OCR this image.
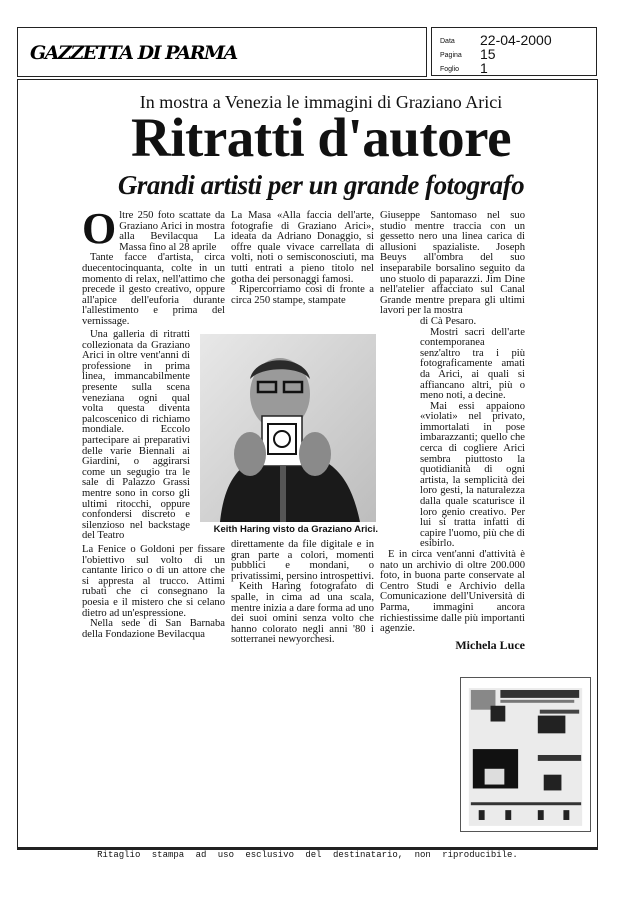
GAZZETTA DI PARMA
Data	22-04-2000
Pagina	15
Foglio	1
In mostra a Venezia le immagini di Graziano Arici
Ritratti d'autore
Grandi artisti per un grande fotografo

Oltre 250 foto scattate da Graziano Arici in mostra alla Bevilacqua La Massa fino al 28 aprile

Tante facce d'artista, circa duecentocinquanta, colte in un momento di relax, nell'attimo che precede il gesto creativo, oppure all'apice dell'euforia durante l'allestimento e prima del vernissage.

Una galleria di ritratti collezionata da Graziano Arici in oltre vent'anni di professione in prima linea, immancabilmente presente sulla scena veneziana ogni qual volta questa diventa palcoscenico di richiamo mondiale. Eccolo partecipare ai preparativi delle varie Biennali ai Giardini, o aggirarsi come un segugio tra le sale di Palazzo Grassi mentre sono in corso gli ultimi ritocchi, oppure confondersi discreto e silenzioso nel backstage del Teatro

La Fenice o Goldoni per fissare l'obiettivo sul volto di un cantante lirico o di un attore che si appresta al trucco. Attimi rubati che ci consegnano la poesia e il mistero che si celano dietro ad un'espressione.

Nella sede di San Barnaba della Fondazione Bevilacqua

La Masa «Alla faccia dell'arte, fotografie di Graziano Arici», ideata da Adriano Donaggio, si offre quale vivace carrellata di volti, noti o semisconosciuti, ma tutti entrati a pieno titolo nel gotha dei personaggi famosi.

Ripercorriamo così di fronte a circa 250 stampe, stampate

direttamente da file digitale e in gran parte a colori, momenti pubblici e mondani, o privatissimi, persino introspettivi.

Keith Haring fotografato di spalle, in cima ad una scala, mentre inizia a dare forma ad uno dei suoi omini senza volto che hanno colorato negli anni '80 i sotterranei newyorchesi.

Keith Haring visto da Graziano Arici.

Giuseppe Santomaso nel suo studio mentre traccia con un gessetto nero una linea carica di allusioni spazialiste. Joseph Beuys all'ombra del suo inseparabile borsalino seguito da uno stuolo di paparazzi. Jim Dine nell'atelier affacciato sul Canal Grande mentre prepara gli ultimi lavori per la mostra

di Cà Pesaro.

Mostri sacri dell'arte contemporanea senz'altro tra i più fotograficamente amati da Arici, ai quali si affiancano altri, più o meno noti, a decine.

Mai essi appaiono «violati» nel privato, immortalati in pose imbarazzanti; quello che cerca di cogliere Arici sembra piuttosto la quotidianità di ogni artista, la semplicità dei loro gesti, la naturalezza dalla quale scaturisce il loro genio creativo. Per lui si tratta infatti di capire l'uomo, più che di esibirlo.

E in circa vent'anni d'attività è nato un archivio di oltre 200.000 foto, in buona parte conservate al Centro Studi e Archivio della Comunicazione dell'Università di Parma, immagini ancora richiestissime dalle più importanti agenzie.

Michela Luce
Ritaglio stampa ad uso esclusivo del destinatario, non riproducibile.
